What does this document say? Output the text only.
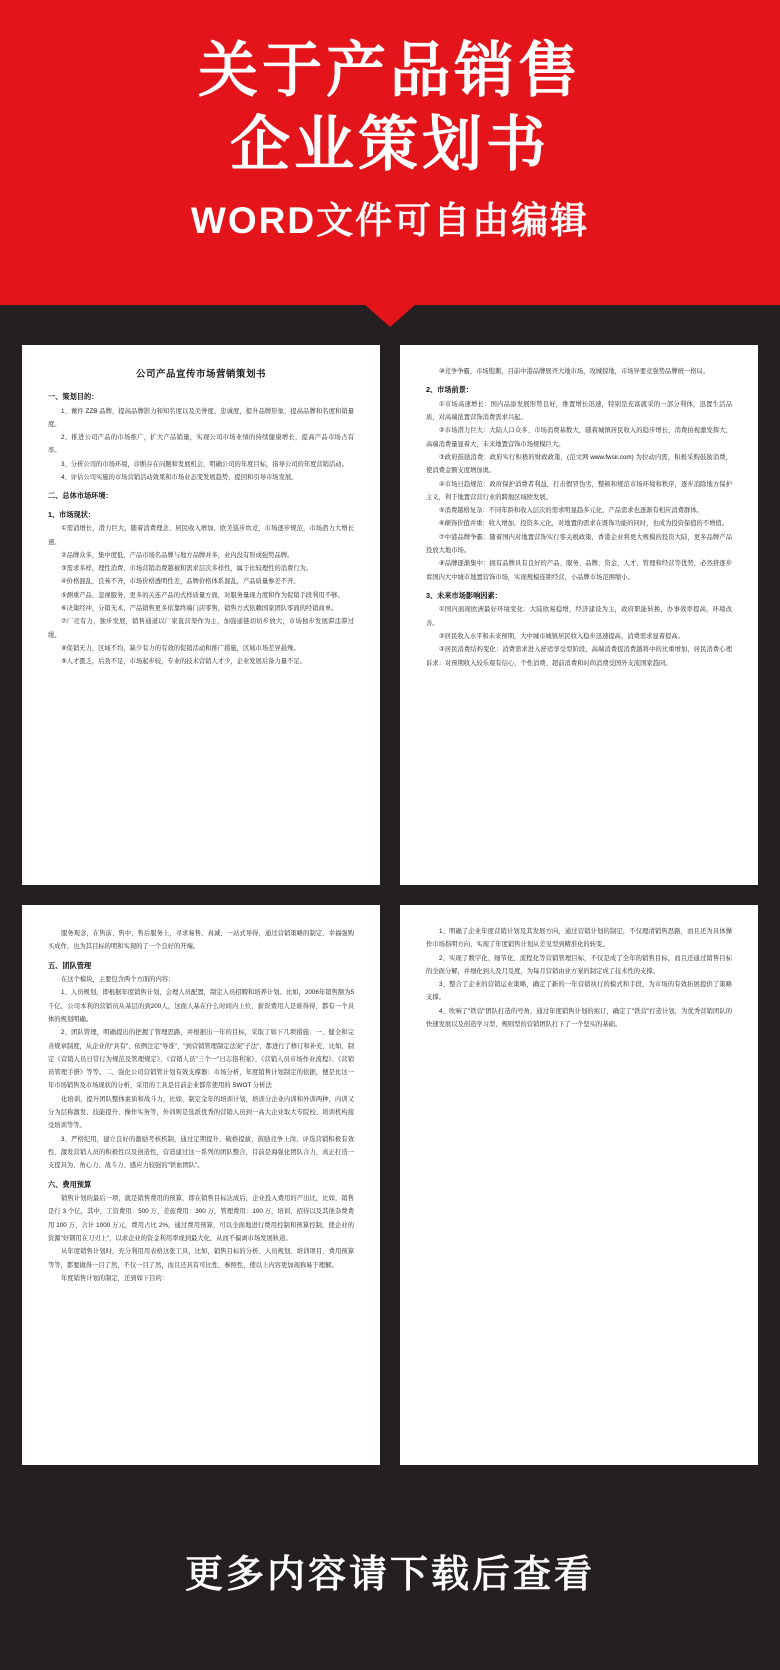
关于产品销售
企业策划书
WORD文件可自由编辑
公司产品宣传市场营销策划书

一、策划目的：

1、奮件 ZZB 品牌，提高品牌影力和知名度以及美誉度、忠诚度，提升品牌形象，提高品牌和名度和销量度。

2、推进公司产品的市场推广，扩大产品销量，实现公司市场业绩的持续健康增长，提高产品市场占有率。

3、分析公司的市场环境，诊断存在问题和发展机会，明确公司的年度目标，指导公司的年度营销活动。

4、评估公司实施的市场营销活动效果和市场业态变发展趋势，提回和引导市场发展。

二、总体市场环境：

1、市场现状：

①需消增长，潜力巨大，随着消费理念、居民收入增加，欧美巡步坎竞，市场逐步规范，市场潜力大增长速。

②品牌众多，集中度低，产品市场名品牌与地方品牌并多，业内没有形成强势品牌。

③需求多样，理性消费，市场营销消费越被和需求层次多样性，属于比较理性的消费行为。

④价格混乱，良莠不齐，市场价格透明性差，品牌价格体系混乱，产品质量参差不齐。

⑤测重产品、忽视服务，更多的关连产品的式样质量方面，对服务量现力度和作为促销手段利用不够。

⑥决策经冲，分销无术，产品销售更多依靠终端门店零售，销售方式依赖国家团队零面的经销商单。

⑦厂竞有力，独步发展，销售通道以厂家直营渠作为主，加强通链切切步放大，市场独步发展滞违滞过缓。

⑧促销无力，区域不均，缺少有力的有效的促销活动和推广措施，区域市场差异悬殊。

⑨人才匮乏，后劲不足，市场起步较，专业的技术营销人才少，企业发展后备力量不足。

⑩竞争争霸，市场饱鹅，目前中港品牌展齐大地市场，攻城掠地，市场异要竞强势品牌统一格局。

2、市场前景：

①市场高速增长：国内品添发展形势良好，维置增长迅速，特别是充富就采的一部分利体，迅置生活品质，对高端浓置营饰消费需求兴起。

②市场潜力巨大：大陆人口众多、市场消费基数大，随着城镇居民收入的稳步增长，消费拍视激发挥大，高端消费量显着大，未来地置营饰市场规模巨大。

③政府鼓励消费：政府实行积极的财政政策，(范文网 www.fwsir.com) 为拉动内需，积极采购鼓励消费，使消费金额支度增加奥。

④市场日趋规范：政府保护消费者利益，打击假冒伪劣，整顿和规范市场环境和秩序，逐步消除地方保护主义，利于地置营营行业的跨地区域欧发展。

⑤消费越格复杂：不同年龄和收入层次的需求明显趋多元化，产品需求也逐渐有相应消费群体。

⑥颠饰价值并重：收入增加，投资多元化，对地置的需求在既饰功能的同时，也成为投资保值的不增值。

⑦中港品牌争霸：随着国内对地置营饰实行零关税政策，香港企业将更大规模的投资大陆，更多品牌产品投放大地市场。

⑧品牌逐渐集中：拥有品牌具有良好的产品、服务、品牌、资金、人才、管理和经营等优势，必然挤逐步看国内大中城市地置营饰市场，实现规模连锁经营，小品牌市场范围缩小。

3、未来市场影响因素：

①国内面现欧洲最好环境变化：大陆欧易稳增，经济建设为主，政府职能转换，办事效率提高，环境改善。

②居民收入水平和未来预期，大中城市城镇居民收入稳步迅速提高，消费需求显着提高。

③居民消费结构变化：消费需求进入舒适享受型阶段，高端消费提消费越将中的比重增加，居民消费心理诉求：对预期收入较乐观有信心，个性消费、超前消费和时尚消费受国外支流国家趋同。

服务观念，在售前、售中、售后服务上，寻求易售、真诚、一站式导得，通过营销策略的制定、幸福强购买成作，也为其目标的明和实现的了一个良好的开端。

五、团队管理

在这个模块，主要包含两个方面的内容：

1、人员规划，即根据年度销售计划，会理人员配置，制定人员招聘和培养计划。比如，2006年销售额为5千亿，公司本利的营销员从基层的到200人，这面人基在什么时间内上位，薪资费用人是谁得得，都有一个具体的规划明确。

2、团队管理，明确提出的把握了管理思路，并根据出一年的目标，采取了如下几项措施：一、健全和完善规章制度，从企业的"具有"、依例注定"导准"、"到营销管理制定法案"子法"，都进行了修订和补充，比如，制定《营销人员日常行为规范及管理规定》、《营销人员"三个一"日志指利案》、《营销人员市场作业流程》、《营销员管理手册》等等。二、强化公司营销管计划有效支撑器：市场分析，年度销售计划制定的依据，便是比这一年市场销售及市场现状的分析，采用的工具是目前企业都常使用的 SWOT 分析法

化培训，提升团队整体素质和战斗力，比如，制定金年的培训计划，培训分企业内训和外训两种，内训又分为层称激发、技能提升、操作实务等，外训则是选派优秀的营销人员到一高大企业取大专院校、培训机构接受培训等等。

3、严格纪用，建立良好的激励考核机制，通过定期提升、破格提拔，鼓励竞争上岗，评选营销积极有效性、激发营销人员的积极性以及创造性，营造建过这一系列的团队整合，目前是海强化团队合力，真正打造一支提具为、角心力、战斗力、感应力较强的"铁血团队"。

六、费用预算

销售计划的最后一项，就是销售费用的预算，即在销售目标达成后，企业投入费用的产出比，比如，销售是行 3 个亿，其中，工资费用：500 万，差旅费用：300 万，管理费用：100 万，培训、招待以及其他杂费费用 100 万，合计 1000 万元，费用占比 2%，通过费用预算，可以全面地进行费用控制和预算控制，使企业的资源"好钢用在刀刃上"，以求企业的资金利用率或到最大化，从而不偏离市场发展轨道。

从年度销售计划时，充分利用用表格这张工具，比如，销售目标的分析、人员规划、培训项目、费用预算等等，都要做得一目了然，不仅一目了然，而且还具有可比性、参照性，使以上内容更加现称易于理解。

年度销售计划的制定，还到如下目的：

1、明确了企业年度营销计划及其发展方向，通过营销计划的制定，不仅理清销售思路，而且还为具体操作市场指明方向，实现了年度销售计划从差见型到精准化的转变。

2、实现了数字化、细节化、流程化等营销管理目标，不仅是成了全年的销售目标，而且还通过销售目标的全面分解，并细化到人及月及度，为每月营销由业方案的制定成了技术性的支撑。

3、整合了企业的营销运业策略，确定了新的一年营销执行的模式和手段，为市场的有效拓展提供了策略支撑。

4、吹响了"铁营"团队打造的号角，通过年度销售计划的拟订，确定了"铁营"打造计划，为优秀营销团队的快速发展以及创造学习型、规则型的营销团队打下了一个坚实的基础。

更多内容请下载后查看
